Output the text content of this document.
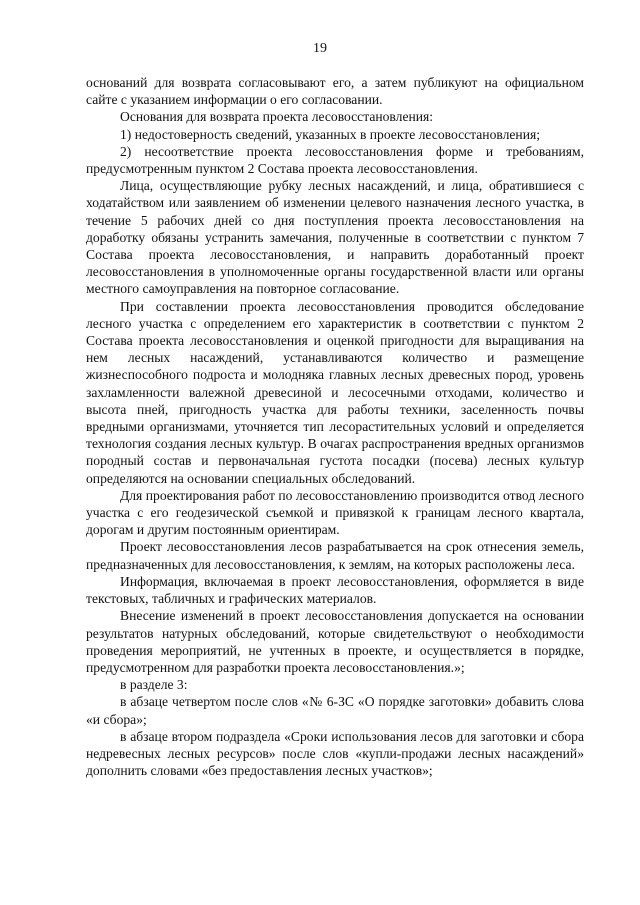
19

оснований для возврата согласовывают его, а затем публикуют на официальном сайте с указанием информации о его согласовании.

Основания для возврата проекта лесовосстановления:

1) недостоверность сведений, указанных в проекте лесовосстановления;

2) несоответствие проекта лесовосстановления форме и требованиям, предусмотренным пунктом 2 Состава проекта лесовосстановления.

Лица, осуществляющие рубку лесных насаждений, и лица, обратившиеся с ходатайством или заявлением об изменении целевого назначения лесного участка, в течение 5 рабочих дней со дня поступления проекта лесовосстановления на доработку обязаны устранить замечания, полученные в соответствии с пунктом 7 Состава проекта лесовосстановления, и направить доработанный проект лесовосстановления в уполномоченные органы государственной власти или органы местного самоуправления на повторное согласование.

При составлении проекта лесовосстановления проводится обследование лесного участка с определением его характеристик в соответствии с пунктом 2 Состава проекта лесовосстановления и оценкой пригодности для выращивания на нем лесных насаждений, устанавливаются количество и размещение жизнеспособного подроста и молодняка главных лесных древесных пород, уровень захламленности валежной древесиной и лесосечными отходами, количество и высота пней, пригодность участка для работы техники, заселенность почвы вредными организмами, уточняется тип лесорастительных условий и определяется технология создания лесных культур. В очагах распространения вредных организмов породный состав и первоначальная густота посадки (посева) лесных культур определяются на основании специальных обследований.

Для проектирования работ по лесовосстановлению производится отвод лесного участка с его геодезической съемкой и привязкой к границам лесного квартала, дорогам и другим постоянным ориентирам.

Проект лесовосстановления лесов разрабатывается на срок отнесения земель, предназначенных для лесовосстановления, к землям, на которых расположены леса.

Информация, включаемая в проект лесовосстановления, оформляется в виде текстовых, табличных и графических материалов.

Внесение изменений в проект лесовосстановления допускается на основании результатов натурных обследований, которые свидетельствуют о необходимости проведения мероприятий, не учтенных в проекте, и осуществляется в порядке, предусмотренном для разработки проекта лесовосстановления.»;

в разделе 3:

в абзаце четвертом после слов «№ 6-ЗС «О порядке заготовки» добавить слова «и сбора»;

в абзаце втором подраздела «Сроки использования лесов для заготовки и сбора недревесных лесных ресурсов» после слов «купли-продажи лесных насаждений» дополнить словами «без предоставления лесных участков»;
